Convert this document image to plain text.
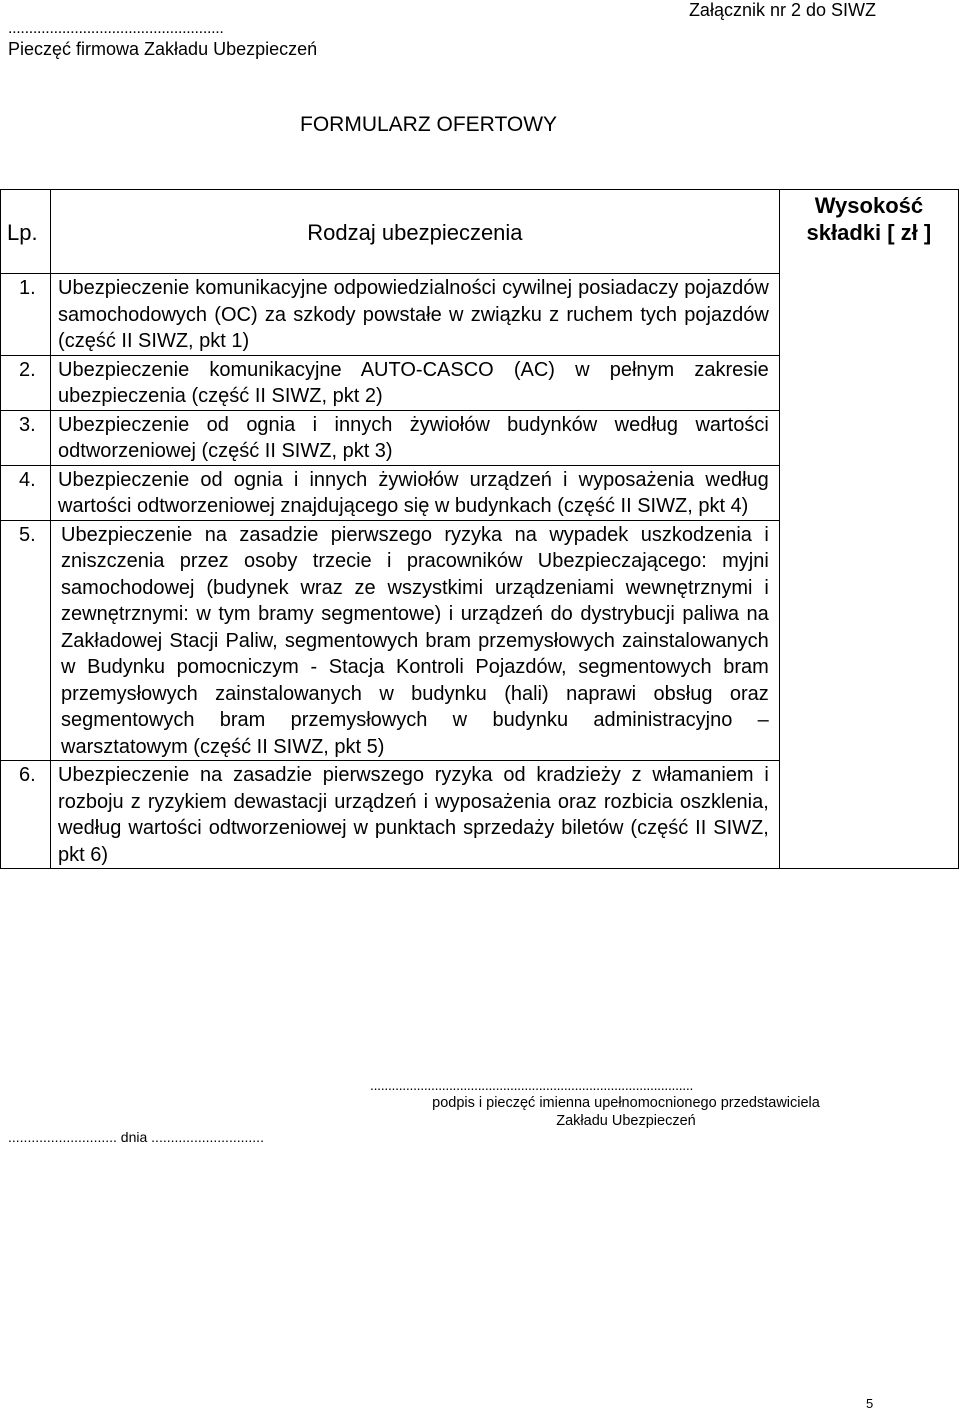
Załącznik nr 2 do SIWZ
....................................................
Pieczęć firmowa Zakładu Ubezpieczeń
FORMULARZ OFERTOWY
Lp.	Rodzaj ubezpieczenia	Wysokość składki [ zł ]
1.	Ubezpieczenie komunikacyjne odpowiedzialności cywilnej posiadaczy pojazdów samochodowych (OC) za szkody powstałe w związku z ruchem tych pojazdów (część II SIWZ, pkt 1)	
2.	Ubezpieczenie komunikacyjne AUTO-CASCO (AC) w pełnym zakresie ubezpieczenia (część II SIWZ, pkt 2)	
3.	Ubezpieczenie od ognia i innych żywiołów budynków według wartości odtworzeniowej (część II SIWZ, pkt 3)	
4.	Ubezpieczenie od ognia i innych żywiołów urządzeń i wyposażenia według wartości odtworzeniowej znajdującego się w budynkach (część II SIWZ, pkt 4)	
5.	Ubezpieczenie na zasadzie pierwszego ryzyka na wypadek uszkodzenia i zniszczenia przez osoby trzecie i pracowników Ubezpieczającego: myjni samochodowej (budynek wraz ze wszystkimi urządzeniami wewnętrznymi i zewnętrznymi: w tym bramy segmentowe) i urządzeń do dystrybucji paliwa na Zakładowej Stacji Paliw, segmentowych bram przemysłowych zainstalowanych w Budynku pomocniczym - Stacja Kontroli Pojazdów, segmentowych bram przemysłowych zainstalowanych w budynku (hali) naprawi obsług oraz segmentowych bram przemysłowych w budynku administracyjno – warsztatowym (część II SIWZ, pkt 5)	
6.	Ubezpieczenie na zasadzie pierwszego ryzyka od kradzieży z włamaniem i rozboju z ryzykiem dewastacji urządzeń i wyposażenia oraz rozbicia oszklenia, według wartości odtworzeniowej w punktach sprzedaży biletów (część II SIWZ, pkt 6)	
..........................................................................................
podpis i pieczęć imienna upełnomocnionego przedstawiciela
Zakładu Ubezpieczeń
............................ dnia .............................
5
